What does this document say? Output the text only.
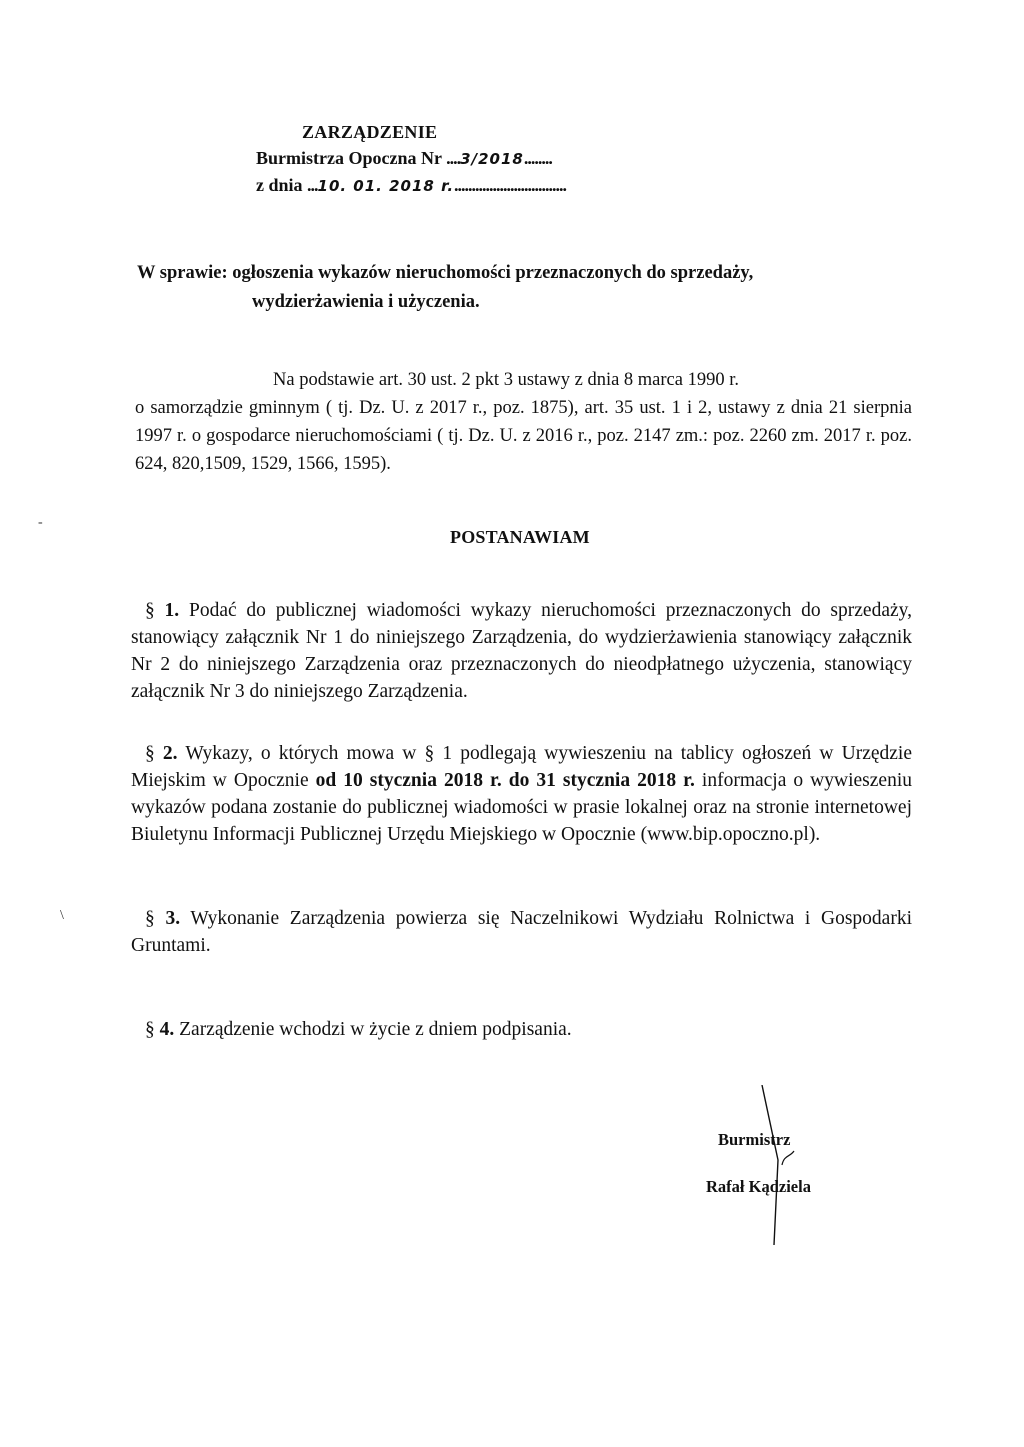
ZARZĄDZENIE
Burmistrza Opoczna Nr ....3/2018........
z dnia ...10. 01. 2018 r.................................
W sprawie: ogłoszenia wykazów nieruchomości przeznaczonych do sprzedaży,
wydzierżawienia i użyczenia.
Na podstawie art. 30 ust. 2 pkt 3 ustawy z dnia 8 marca 1990 r.
o samorządzie gminnym ( tj. Dz. U. z 2017 r., poz. 1875), art. 35 ust. 1 i 2, ustawy z dnia 21 sierpnia 1997 r. o gospodarce nieruchomościami ( tj. Dz. U. z 2016 r., poz. 2147 zm.: poz. 2260 zm. 2017 r. poz. 624, 820,1509, 1529, 1566, 1595).
POSTANAWIAM
§ 1. Podać do publicznej wiadomości wykazy nieruchomości przeznaczonych do sprzedaży, stanowiący załącznik Nr 1 do niniejszego Zarządzenia, do wydzierżawienia stanowiący załącznik Nr 2 do niniejszego Zarządzenia oraz przeznaczonych do nieodpłatnego użyczenia, stanowiący załącznik Nr 3 do niniejszego Zarządzenia.
§ 2. Wykazy, o których mowa w § 1 podlegają wywieszeniu na tablicy ogłoszeń w Urzędzie Miejskim w Opocznie od 10 stycznia 2018 r. do 31 stycznia 2018 r. informacja o wywieszeniu wykazów podana zostanie do publicznej wiadomości w prasie lokalnej oraz na stronie internetowej Biuletynu Informacji Publicznej Urzędu Miejskiego w Opocznie (www.bip.opoczno.pl).
§ 3. Wykonanie Zarządzenia powierza się Naczelnikowi Wydziału Rolnictwa i Gospodarki Gruntami.
§ 4. Zarządzenie wchodzi w życie z dniem podpisania.
Burmistrz
Rafał Kądziela
-
\
